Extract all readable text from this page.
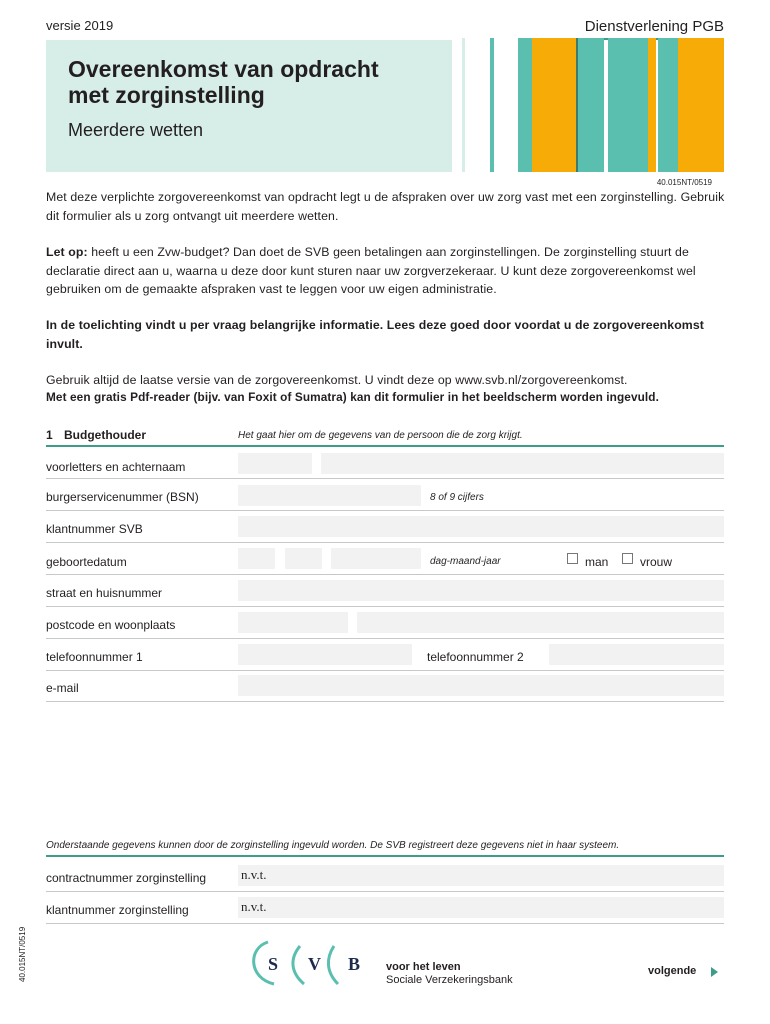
versie 2019	Dienstverlening PGB
Overeenkomst van opdracht
met zorginstelling
Meerdere wetten
40.015NT/0519
Met deze verplichte zorgovereenkomst van opdracht legt u de afspraken over uw zorg vast met een zorginstelling. Gebruik dit formulier als u zorg ontvangt uit meerdere wetten.
Let op: heeft u een Zvw-budget? Dan doet de SVB geen betalingen aan zorginstellingen. De zorginstelling stuurt de declaratie direct aan u, waarna u deze door kunt sturen naar uw zorgverzekeraar. U kunt deze zorgovereenkomst wel gebruiken om de gemaakte afspraken vast te leggen voor uw eigen administratie.
In de toelichting vindt u per vraag belangrijke informatie. Lees deze goed door voordat u de zorgovereenkomst invult.
Gebruik altijd de laatse versie van de zorgovereenkomst. U vindt deze op www.svb.nl/zorgovereenkomst.
Met een gratis Pdf-reader (bijv. van Foxit of Sumatra) kan dit formulier in het beeldscherm worden ingevuld.
1 Budgethouder	Het gaat hier om de gegevens van de persoon die de zorg krijgt.
voorletters en achternaam
burgerservicenummer (BSN)	8 of 9 cijfers
klantnummer SVB
geboortedatum	dag-maand-jaar	man	vrouw
straat en huisnummer
postcode en woonplaats
telefoonnummer 1	telefoonnummer 2
e-mail
Onderstaande gegevens kunnen door de zorginstelling ingevuld worden. De SVB registreert deze gegevens niet in haar systeem.
contractnummer zorginstelling	n.v.t.
klantnummer zorginstelling	n.v.t.
40.015NT/0519	S V B voor het leven
Sociale Verzekeringsbank
volgende
